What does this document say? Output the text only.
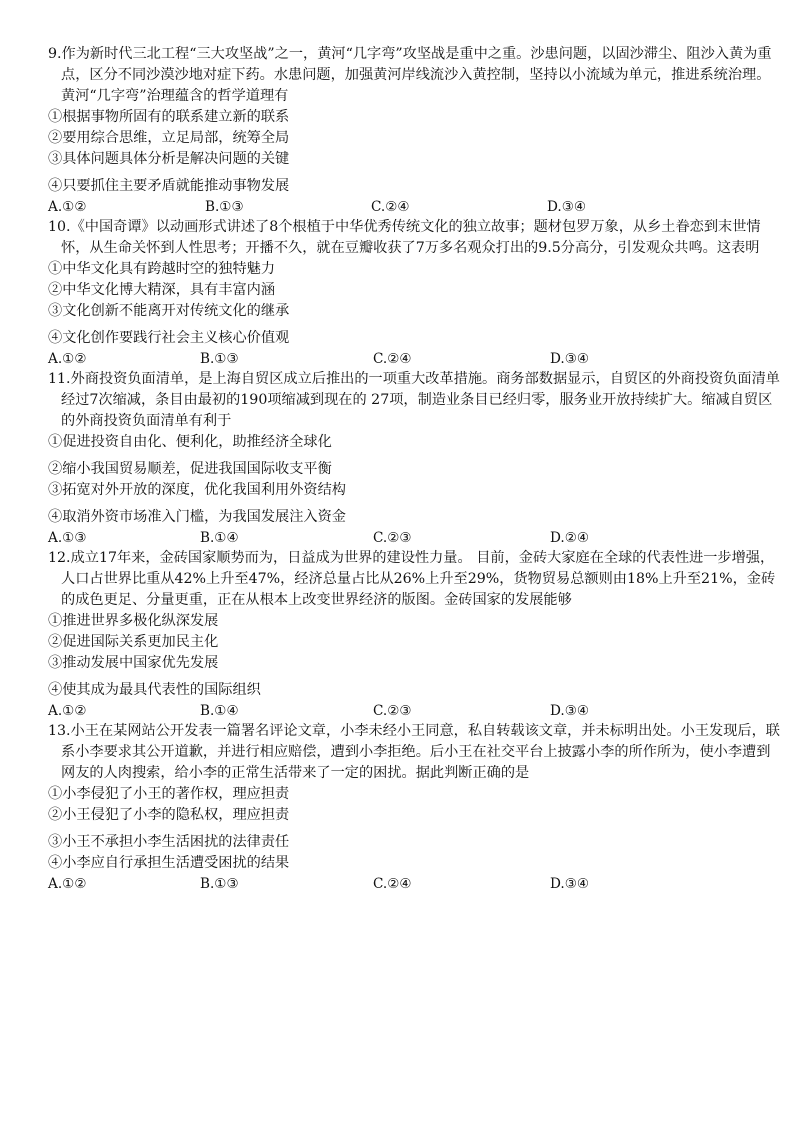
9.作为新时代三北工程“三大攻坚战”之一，黄河“几字弯”攻坚战是重中之重。沙患问题，以固沙滞尘、阻沙入黄为重点，区分不同沙漠沙地对症下药。水患问题，加强黄河岸线流沙入黄控制，坚持以小流域为单元，推进系统治理。黄河“几字弯”治理蕴含的哲学道理有

①根据事物所固有的联系建立新的联系

②要用综合思维，立足局部，统筹全局

③具体问题具体分析是解决问题的关键

④只要抓住主要矛盾就能推动事物发展

A.①②	B.①③	C.②④	D.③④

10.《中国奇谭》以动画形式讲述了8个根植于中华优秀传统文化的独立故事；题材包罗万象，从乡土眷恋到末世情怀，从生命关怀到人性思考；开播不久，就在豆瓣收获了7万多名观众打出的9.5分高分，引发观众共鸣。这表明

①中华文化具有跨越时空的独特魅力

②中华文化博大精深，具有丰富内涵

③文化创新不能离开对传统文化的继承

④文化创作要践行社会主义核心价值观

A.①②	B.①③	C.②④	D.③④

11.外商投资负面清单，是上海自贸区成立后推出的一项重大改革措施。商务部数据显示，自贸区的外商投资负面清单经过7次缩减，条目由最初的190项缩减到现在的 27项，制造业条目已经归零，服务业开放持续扩大。缩减自贸区的外商投资负面清单有利于

①促进投资自由化、便利化，助推经济全球化

②缩小我国贸易顺差，促进我国国际收支平衡

③拓宽对外开放的深度，优化我国利用外资结构

④取消外资市场准入门槛，为我国发展注入资金

A.①③	B.①④	C.②③	D.②④

12.成立17年来，金砖国家顺势而为，日益成为世界的建设性力量。 目前，金砖大家庭在全球的代表性进一步增强，人口占世界比重从42%上升至47%，经济总量占比从26%上升至29%，货物贸易总额则由18%上升至21%，金砖的成色更足、分量更重，正在从根本上改变世界经济的版图。金砖国家的发展能够

①推进世界多极化纵深发展

②促进国际关系更加民主化

③推动发展中国家优先发展

④使其成为最具代表性的国际组织

A.①②	B.①④	C.②③	D.③④

13.小王在某网站公开发表一篇署名评论文章，小李未经小王同意，私自转载该文章，并未标明出处。小王发现后，联系小李要求其公开道歉，并进行相应赔偿，遭到小李拒绝。后小王在社交平台上披露小李的所作所为，使小李遭到网友的人肉搜索，给小李的正常生活带来了一定的困扰。据此判断正确的是

①小李侵犯了小王的著作权，理应担责

②小王侵犯了小李的隐私权，理应担责

③小王不承担小李生活困扰的法律责任

④小李应自行承担生活遭受困扰的结果

A.①②	B.①③	C.②④	D.③④
